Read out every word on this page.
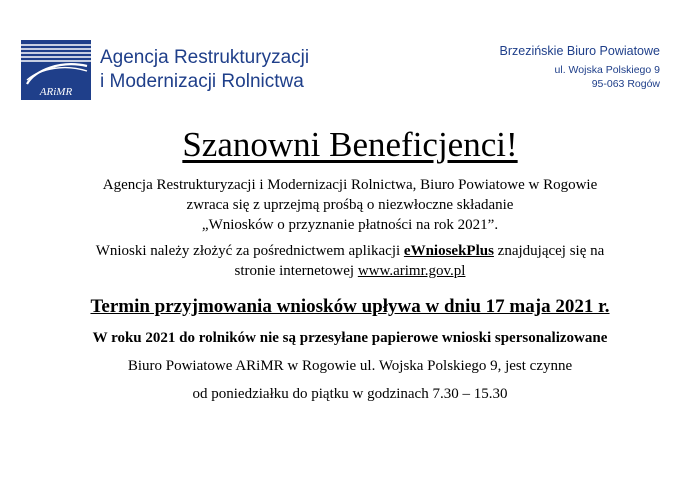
ARiMR
Agencja Restrukturyzacji
i Modernizacji Rolnictwa
Brzezińskie Biuro Powiatowe
ul. Wojska Polskiego 9
95-063 Rogów
Szanowni Beneficjenci!
Agencja Restrukturyzacji i Modernizacji Rolnictwa, Biuro Powiatowe w Rogowie
zwraca się z uprzejmą prośbą o niezwłoczne składanie
„Wniosków o przyznanie płatności na rok 2021”.
Wnioski należy złożyć za pośrednictwem aplikacji eWniosekPlus znajdującej się na
stronie internetowej www.arimr.gov.pl
Termin przyjmowania wniosków upływa w dniu 17 maja 2021 r.
W roku 2021 do rolników nie są przesyłane papierowe wnioski spersonalizowane
Biuro Powiatowe ARiMR w Rogowie ul. Wojska Polskiego 9, jest czynne
od poniedziałku do piątku w godzinach 7.30 – 15.30
